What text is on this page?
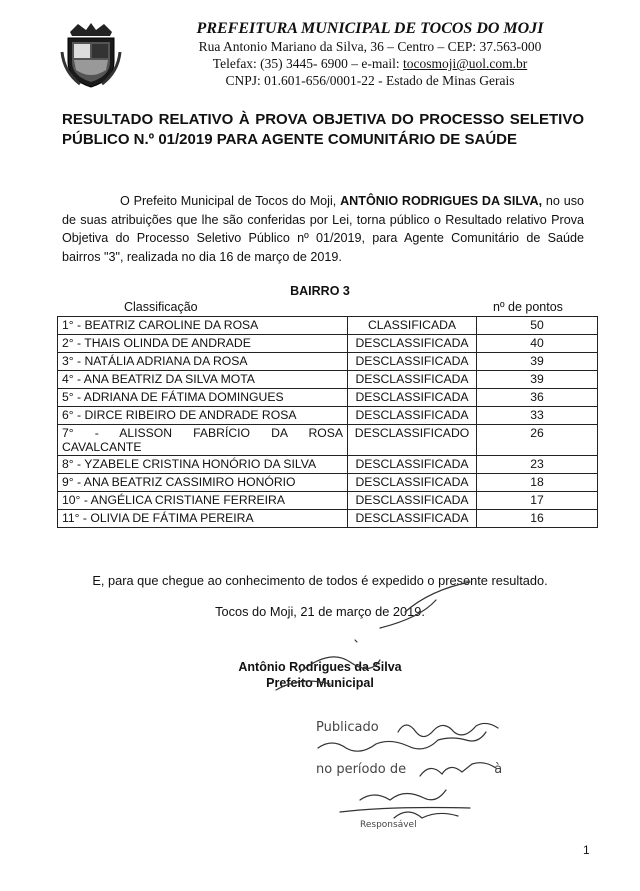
PREFEITURA MUNICIPAL DE TOCOS DO MOJI
Rua Antonio Mariano da Silva, 36 – Centro – CEP: 37.563-000
Telefax: (35) 3445- 6900 – e-mail: tocosmoji@uol.com.br
CNPJ: 01.601-656/0001-22 - Estado de Minas Gerais
RESULTADO RELATIVO À PROVA OBJETIVA DO PROCESSO SELETIVO PÚBLICO N.º 01/2019 PARA AGENTE COMUNITÁRIO DE SAÚDE
O Prefeito Municipal de Tocos do Moji, ANTÔNIO RODRIGUES DA SILVA, no uso de suas atribuições que lhe são conferidas por Lei, torna público o Resultado relativo Prova Objetiva do Processo Seletivo Público nº 01/2019, para Agente Comunitário de Saúde bairros "3", realizada no dia 16 de março de 2019.
BAIRRO 3
Classificação	nº de pontos
1° - BEATRIZ CAROLINE DA ROSA	CLASSIFICADA	50
2° - THAIS OLINDA DE ANDRADE	DESCLASSIFICADA	40
3° - NATÁLIA ADRIANA DA ROSA	DESCLASSIFICADA	39
4° - ANA BEATRIZ DA SILVA MOTA	DESCLASSIFICADA	39
5° - ADRIANA DE FÁTIMA DOMINGUES	DESCLASSIFICADA	36
6° - DIRCE RIBEIRO DE ANDRADE ROSA	DESCLASSIFICADA	33

7° - ALISSON FABRÍCIO DA ROSA
CAVALCANTE	DESCLASSIFICADO	26
8° - YZABELE CRISTINA HONÓRIO DA SILVA	DESCLASSIFICADA	23
9° - ANA BEATRIZ CASSIMIRO HONÓRIO	DESCLASSIFICADA	18
10° - ANGÉLICA CRISTIANE FERREIRA	DESCLASSIFICADA	17
11° - OLIVIA DE FÁTIMA PEREIRA	DESCLASSIFICADA	16
E, para que chegue ao conhecimento de todos é expedido o presente resultado.
Tocos do Moji, 21 de março de 2019.
Antônio Rodrigues da Silva
Prefeito Municipal
Publicado
no período de	à
Responsável
1
